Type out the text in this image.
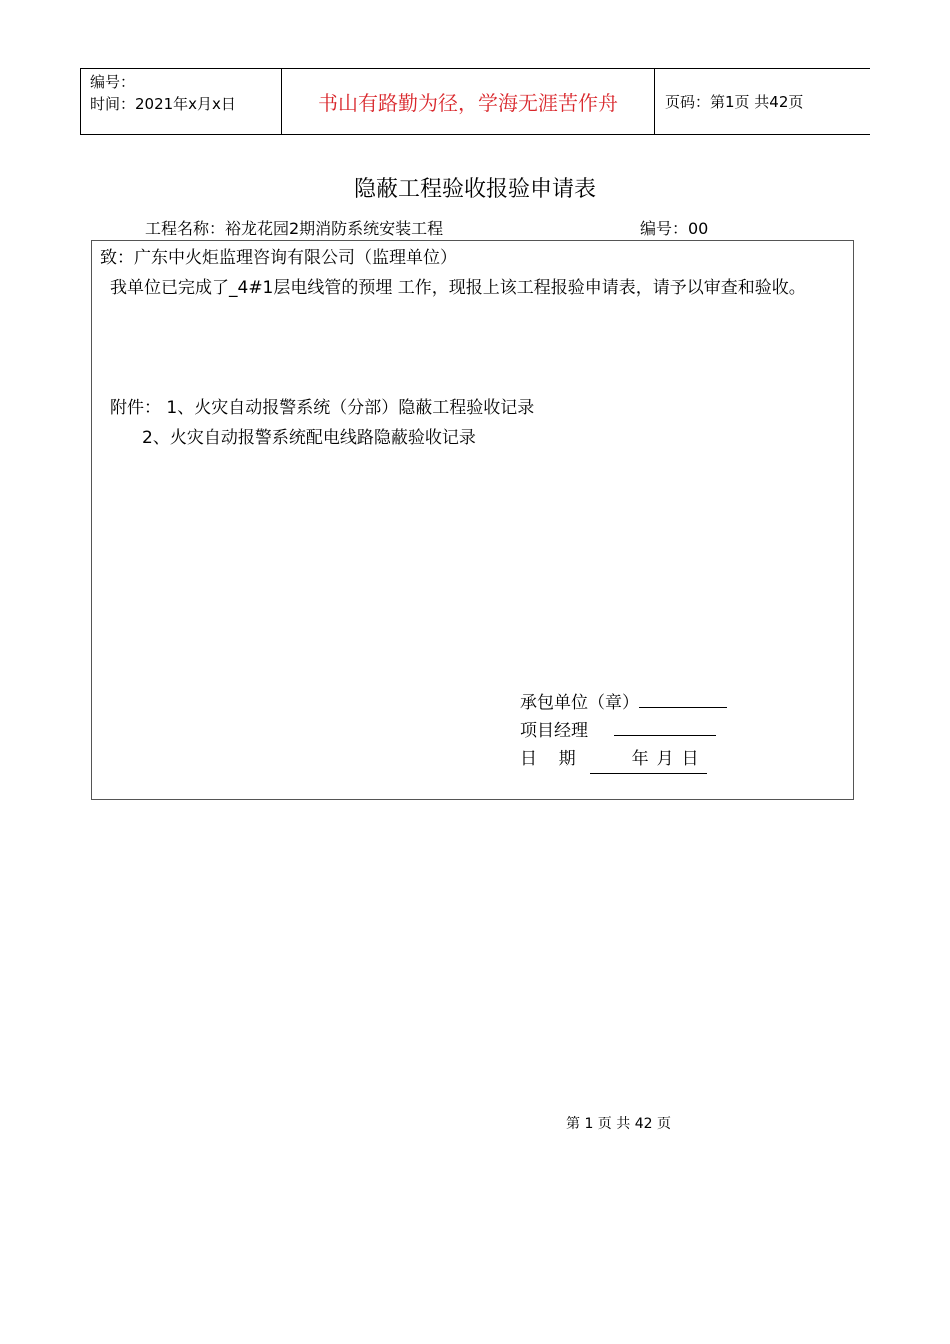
编号：
时间：2021年x月x日	书山有路勤为径，学海无涯苦作舟	页码：第1页 共42页
隐蔽工程验收报验申请表
工程名称：裕龙花园2期消防系统安装工程	编号：00

致：广东中火炬监理咨询有限公司（监理单位）

我单位已完成了_4#1层电线管的预埋 工作，现报上该工程报验申请表，请予以审查和验收。

附件： 1、火灾自动报警系统（分部）隐蔽工程验收记录

2、火灾自动报警系统配电线路隐蔽验收记录

承包单位（章）
项目经理
日    期	年 月 日
第 1 页 共 42 页
